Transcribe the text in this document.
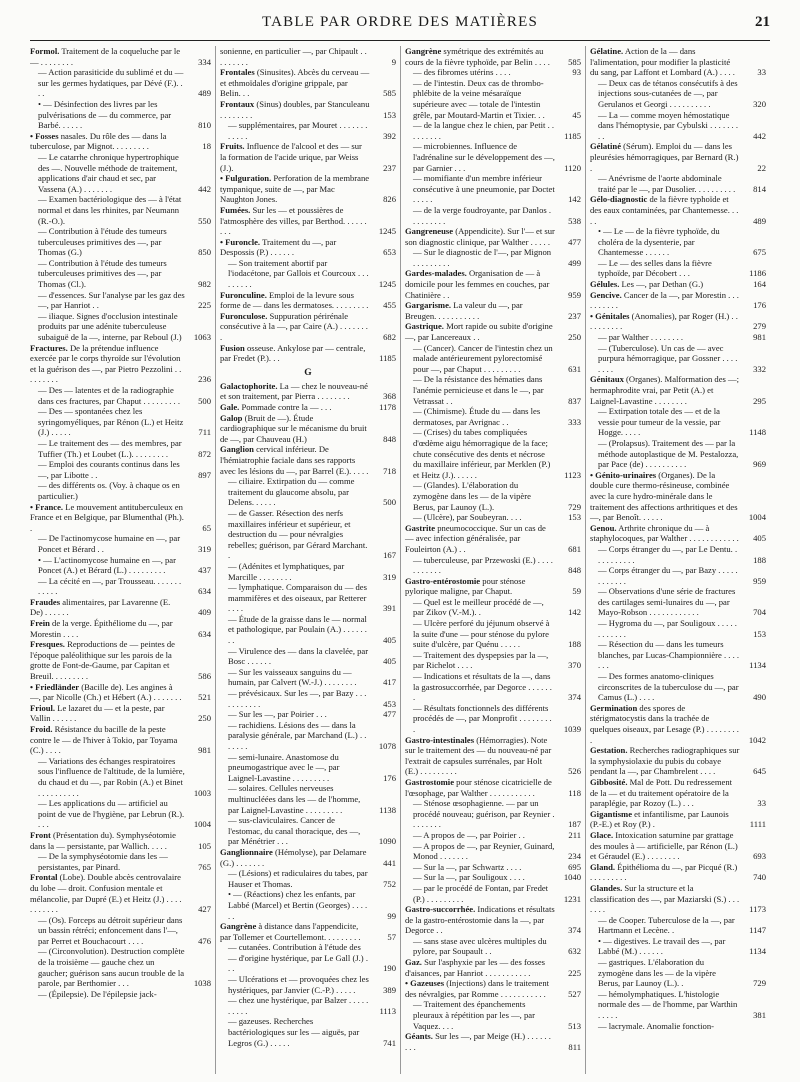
TABLE PAR ORDRE DES MATIÈRES	21
Formol. Traitement de la coqueluche par le — . . . . . . . .	334
— Action parasiticide du sublimé et du — sur les germes hydatiques, par Dévé (F.). . . .	489
• — Désinfection des livres par les pulvérisations de — du commerce, par Barbé. . . . . .	810
• Fosses nasales. Du rôle des — dans la tuberculose, par Mignot. . . . . . . . .	18
— Le catarrhe chronique hypertrophique des —. Nouvelle méthode de traitement, applications d'air chaud et sec, par Vassena (A.) . . . . . . .	442
— Examen bactériologique des — à l'état normal et dans les rhinites, par Neumann (R.-O.).	550
— Contribution à l'étude des tumeurs tuberculeuses primitives des —, par Thomas (G.)	850
— Contribution à l'étude des tumeurs tuberculeuses primitives des —, par Thomas (Cl.).	982
— d'essences. Sur l'analyse par les gaz des —, par Hanriot . .	225
— iliaque. Signes d'occlusion intestinale produits par une adénite tuberculeuse subaiguë de la —, interne, par Reboul (J.)	1063
Fractures. De la prétendue influence exercée par le corps thyroïde sur l'évolution et la guérison des —, par Pietro Pezzolini . . . . . . . . .	236
— Des — latentes et de la radiographie dans ces fractures, par Chaput . . . . . . . . .	500
— Des — spontanées chez les syringomyéliques, par Rénon (L.) et Heitz (J.) . . . . .	711
— Le traitement des — des membres, par Tuffier (Th.) et Loubet (L.). . . . . . . . .	872
— Emploi des courants continus dans les —, par Libotte . .	897
— des différents os. (Voy. à chaque os en particulier.)
• France. Le mouvement antituberculeux en France et en Belgique, par Blumenthal (Ph.). .	65
— De l'actinomycose humaine en —, par Poncet et Bérard . .	319
• — L'actinomycose humaine en —, par Poncet (A.) et Bérard (L.) . . . . . . . . .	437
— La cécité en —, par Trousseau. . . . . . . . . . . .	634
Fraudes alimentaires, par Lavarenne (E. De) . . . . . .	409
Frein de la verge. Épithéliome du —, par Morestin . . . .	634
Fresques. Reproductions de — peintes de l'époque paléolithique sur les parois de la grotte de Font-de-Gaume, par Capitan et Breuil. . . . . . . . .	586
• Friedländer (Bacille de). Les angines à —, par Nicolle (Ch.) et Hébert (A.) . . . . . . .	521
Frioul. Le lazaret du — et la peste, par Vallin . . . . . .	250
Froid. Résistance du bacille de la peste contre le — de l'hiver à Tokio, par Toyama (C.) . . . .	981
— Variations des échanges respiratoires sous l'influence de l'altitude, de la lumière, du chaud et du —, par Robin (A.) et Binet . . . . . . . . . .	1003
— Les applications du — artificiel au point de vue de l'hygiène, par Lebrun (R.). . . .	1004
Front (Présentation du). Symphyséotomie dans la — persistante, par Wallich. . . . .	105
— De la symphyséotomie dans les — persistantes, par Pinard.	765
Frontal (Lobe). Double abcès centrovalaire du lobe — droit. Confusion mentale et mélancolie, par Dupré (E.) et Heitz (J.) . . . . . . . . . . .	427
— (Os). Forceps au détroit supérieur dans un bassin rétréci; enfoncement dans l'—, par Perret et Bouchacourt . . . .	476
— (Circonvolution). Destruction complète de la troisième — gauche chez un gaucher; guérison sans aucun trouble de la parole, par Berthomier . . .	1038
— (Épilepsie). De l'épilepsie jack-
sonienne, en particulier —, par Chipault . . . . . . . . .	9
Frontales (Sinusites). Abcès du cerveau — et ethmoïdales d'origine grippale, par Belin. . .	585
Frontaux (Sinus) doubles, par Stanculeanu . . . . . . . .	153
— supplémentaires, par Mouret . . . . . . . . . . . .	392
Fruits. Influence de l'alcool et des — sur la formation de l'acide urique, par Weiss (J.).	237
• Fulguration. Perforation de la membrane tympanique, suite de —, par Mac Naughton Jones.	826
Fumées. Sur les — et poussières de l'atmosphère des villes, par Berthod. . . . . . . . .	1245
• Furoncle. Traitement du —, par Despossis (P.) . . . . . .	653
— Son traitement abortif par l'iodacétone, par Gallois et Courcoux . . . . . . . . .	1245
Furonculine. Emploi de la levure sous forme de — dans les dermatoses. . . . . . . . .	455
Furonculose. Suppuration périrénale consécutive à la —, par Caire (A.) . . . . . . . .	682
Fusion osseuse. Ankylose par — centrale, par Fredet (P.). . .	1185
G
Galactophorite. La — chez le nouveau-né et son traitement, par Pierra . . . . . . . .	368
Gale. Pommade contre la — . . .	1178
Galop (Bruit de —). Étude cardiographique sur le mécanisme du bruit de —, par Chauveau (H.)	848
Ganglion cervical inférieur. De l'hémiatrophie faciale dans ses rapports avec les lésions du —, par Barrel (E.). . . . .	718
— ciliaire. Extirpation du — comme traitement du glaucome absolu, par Delens. . . . . .	500
— de Gasser. Résection des nerfs maxillaires inférieur et supérieur, et destruction du — pour névralgies rebelles; guérison, par Gérard Marchant. .	167
— (Adénites et lymphatiques, par Marcille . . . . . . . .	319
— lymphatique. Comparaison du — des mammifères et des oiseaux, par Retterer . . . .	391
— Étude de la graisse dans le — normal et pathologique, par Poulain (A.) . . . . . . . .	405
— Virulence des — dans la clavelée, par Bosc . . . . . .	405
— Sur les vaisseaux sanguins du — humain, par Calvert (W.-J.) . . . . . . . .	417
— prévésicaux. Sur les —, par Bazy . . . . . . . . . . .	453
— Sur les —, par Poirier . . .	477
— rachidiens. Lésions des — dans la paralysie générale, par Marchand (L.) . . . . . . .	1078
— semi-lunaire. Anastomose du pneumogastrique avec le —, par Laignel-Lavastine . . . . . . . . .	176
— solaires. Cellules nerveuses multinucléées dans les — de l'homme, par Laignel-Lavastine . . . . . . . . .	1138
— sus-claviculaires. Cancer de l'estomac, du canal thoracique, des —, par Ménétrier . . .	1090
Ganglionnaire (Hémolyse), par Delamare (G.) . . . . . . .	441
— (Lésions) et radiculaires du tabes, par Hauser et Thomas.	752
• — (Réactions) chez les enfants, par Labbé (Marcel) et Bertin (Georges) . . . . . .	99
Gangrène à distance dans l'appendicite, par Tollemer et Courtellemont. . . . . . . . .	57
— cutanées. Contribution à l'étude des — d'origine hystérique, par Le Gall (J.) . . .	190
— Ulcérations et — provoquées chez les hystériques, par Janvier (C.-P.) . . . . .	389
— chez une hystérique, par Balzer . . . . . . . . . .	1113
— gazeuses. Recherches bactériologiques sur les — aiguës, par Legros (G.) . . . . .	741
Gangrène symétrique des extrémités au cours de la fièvre typhoïde, par Belin . . . .	585
— des fibromes utérins . . . .	93
— de l'intestin. Deux cas de thrombo-phlébite de la veine mésaraïque supérieure avec — totale de l'intestin grêle, par Moutard-Martin et Tixier. . .	45
— de la langue chez le chien, par Petit . . . . . . . . .	1185
— microbiennes. Influence de l'adrénaline sur le développement des —, par Garnier . . .	1120
— momifiante d'un membre inférieur consécutive à une pneumonie, par Doctet . . . . .	142
— de la verge foudroyante, par Danlos . . . . . . . . .	538
Gangreneuse (Appendicite). Sur l'— et sur son diagnostic clinique, par Walther . . . . .	477
— Sur le diagnostic de l'—, par Mignon . . . . . . . . .	499
Gardes-malades. Organisation de — à domicile pour les femmes en couches, par Chatinière . .	959
Gargarisme. La valeur du —, par Breugen. . . . . . . . . . .	237
Gastrique. Mort rapide ou subite d'origine —, par Lancereaux . .	250
— (Cancer). Cancer de l'intestin chez un malade antérieurement pylorectomisé pour —, par Chaput . . . . . . . . .	631
— De la résistance des hématies dans l'anémie pernicieuse et dans le —, par Vetrassat . .	837
— (Chimisme). Étude du — dans les dermatoses, par Avrignac . .	333
— (Crises) du tabes compliquées d'œdème aigu hémorragique de la face; chute consécutive des dents et nécrose du maxillaire inférieur, par Merklen (P.) et Heitz (J.). . . . . .	1123
— (Glandes). L'élaboration du zymogène dans les — de la vipère Berus, par Launoy (L.).	729
— (Ulcère), par Soubeyran. . . .	153
Gastrite pneumococcique. Sur un cas de — avec infection généralisée, par Fouleirton (A.) . .	681
— tuberculeuse, par Przewoski (E.) . . . . . . . . . . .	848
Gastro-entérostomie pour sténose pylorique maligne, par Chaput.	59
— Quel est le meilleur procédé de —, par Zikov (V.-M.). .	142
— Ulcère perforé du jéjunum observé à la suite d'une — pour sténose du pylore suite d'ulcère, par Quénu . . . . .	188
— Traitement des dyspepsies par la —, par Richelot . . . .	370
— Indications et résultats de la —, dans la gastrosuccorrhée, par Degorce . . . . . . .	374
— Résultats fonctionnels des différents procédés de —, par Monprofit . . . . . . . . .	1039
Gastro-intestinales (Hémorragies). Note sur le traitement des — du nouveau-né par l'extrait de capsules surrénales, par Holt (E.) . . . . . . . . .	526
Gastrostomie pour sténose cicatricielle de l'œsophage, par Walther . . . . . . . . . . .	118
— Sténose œsophagienne. — par un procédé nouveau; guérison, par Reynier . . . . . . . .	187
— A propos de —, par Poirier . .	211
— A propos de —, par Reynier, Guinard, Monod . . . . . . .	234
— Sur la —, par Schwartz . . . .	695
— Sur la —, par Souligoux . . . .	1040
— par le procédé de Fontan, par Fredet (P.) . . . . . . . . .	1231
Gastro-succorrhée. Indications et résultats de la gastro-entérostomie dans la —, par Degorce . .	374
— sans stase avec ulcères multiples du pylore, par Soupault . .	632
Gaz. Sur l'asphyxie par les — des fosses d'aisances, par Hanriot . . . . . . . . . . .	225
• Gazeuses (Injections) dans le traitement des névralgies, par Romme . . . . . . . . . . .	527
— Traitement des épanchements pleuraux à répétition par les —, par Vaquez. . . .	513
Géants. Sur les —, par Meige (H.) . . . . . . . . .	811
Gélatine. Action de la — dans l'alimentation, pour modifier la plasticité du sang, par Laffont et Lombard (A.) . . . .	33
— Deux cas de tétanos consécutifs à des injections sous-cutanées de —, par Gerulanos et Georgi . . . . . . . . . .	320
— La — comme moyen hémostatique dans l'hémoptysie, par Cybulski . . . . . . . . .	442
Gélatiné (Sérum). Emploi du — dans les pleurésies hémorragiques, par Bernard (R.) .	22
— Anévrisme de l'aorte abdominale traité par le —, par Dusolier. . . . . . . . . .	814
Gélo-diagnostic de la fièvre typhoïde et des eaux contaminées, par Chantemesse. . . . .	489
• — Le — de la fièvre typhoïde, du choléra de la dysenterie, par Chantemesse . . . . . .	675
— Le — des selles dans la fièvre typhoïde, par Décobert . . .	1186
Gélules. Les —, par Dethan (G.)	164
Gencive. Cancer de la —, par Morestin . . . . . . . . . .	176
• Génitales (Anomalies), par Roger (H.) . . . . . . . . . .	279
— par Walther . . . . . . . .	981
— (Tuberculose). Un cas de — avec purpura hémorragique, par Gossner . . . . . . . .	332
Génitaux (Organes). Malformation des —; hermaphrodite vrai, par Petit (A.) et Laignel-Lavastine . . . . . . . .	295
— Extirpation totale des — et de la vessie pour tumeur de la vessie, par Hogge. . . . .	1148
— (Prolapsus). Traitement des — par la méthode autoplastique de M. Pestalozza, par Pace (de) . . . . . . . . . .	969
• Génito-urinaires (Organes). De la double cure thermo-résineuse, combinée avec la cure hydro-minérale dans le traitement des affections arthritiques et des —, par Benoît. . . . . .	1004
Genou. Arthrite chronique du — à staphylocoques, par Walther . . . . . . . . . . . .	405
— Corps étranger du —, par Le Dentu. . . . . . . . . . .	188
— Corps étranger du —, par Bazy . . . . . . . . . . . .	959
— Observations d'une série de fractures des cartilages semi-lunaires du —, par Mayo-Robson . . . . . . . . . . . .	704
— Hygroma du —, par Souligoux . . . . . . . . . . . .	153
— Résection du — dans les tumeurs blanches, par Lucas-Championnière . . . . . . .	1134
— Des formes anatomo-cliniques circonscrites de la tuberculose du —, par Camus (L.) . . . .	490
Germination des spores de stérigmatocystis dans la trachée de quelques oiseaux, par Lesage (P.) . . . . . . . . .	1042
Gestation. Recherches radiographiques sur la symphysiolaxie du pubis du cobaye pendant la —, par Chambrelent . . . .	645
Gibbosité. Mal de Pott. Du redressement de la — et du traitement opératoire de la paraplégie, par Rozoy (L.) . . .	33
Gigantisme et infantilisme, par Launois (P.-E.) et Roy (P.) .	1111
Glace. Intoxication saturnine par grattage des moules à — artificielle, par Rénon (L.) et Géraudel (E.) . . . . . . . .	693
Gland. Épithélioma du —, par Picqué (R.) . . . . . . . . .	740
Glandes. Sur la structure et la classification des —, par Maziarski (S.) . . . . . . .	1173
— de Cooper. Tuberculose de la —, par Hartmann et Lecène. .	1147
• — digestives. Le travail des —, par Labbé (M.) . . . . . .	1134
— gastriques. L'élaboration du zymogène dans les — de la vipère Berus, par Launoy (L.). .	729
— hémolymphatiques. L'histologie normale des — de l'homme, par Warthin . . . . .	381
— lacrymale. Anomalie fonction-
